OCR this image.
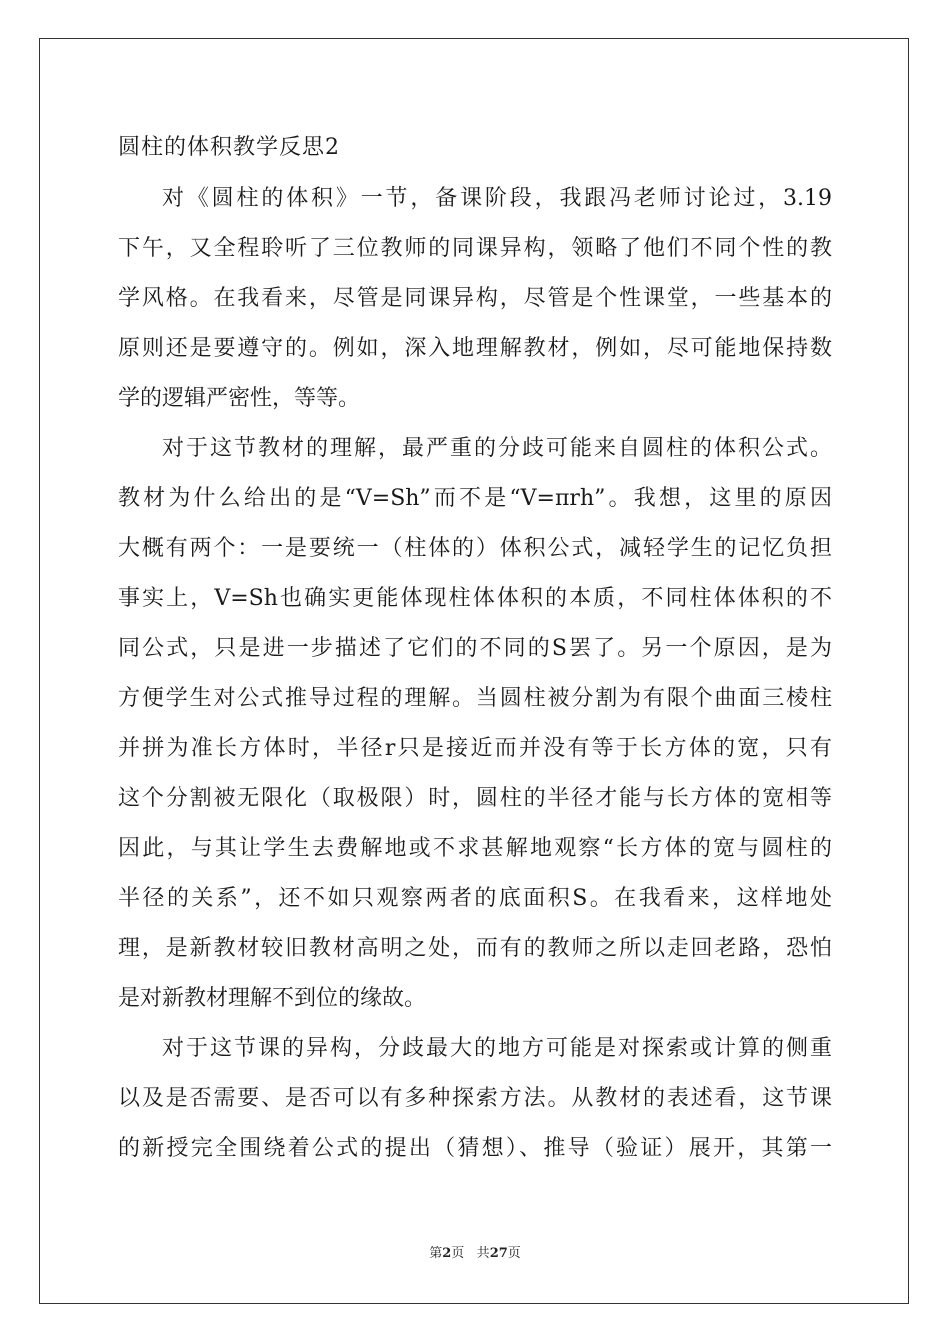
圆柱的体积教学反思2
对《圆柱的体积》一节，备课阶段，我跟冯老师讨论过，3.19
下午，又全程聆听了三位教师的同课异构，领略了他们不同个性的教
学风格。在我看来，尽管是同课异构，尽管是个性课堂，一些基本的
原则还是要遵守的。例如，深入地理解教材，例如，尽可能地保持数
学的逻辑严密性，等等。
对于这节教材的理解，最严重的分歧可能来自圆柱的体积公式。
教材为什么给出的是“V=Sh”而不是“V=πrh”。我想，这里的原因
大概有两个：一是要统一（柱体的）体积公式，减轻学生的记忆负担
事实上，V=Sh也确实更能体现柱体体积的本质，不同柱体体积的不
同公式，只是进一步描述了它们的不同的S罢了。另一个原因，是为
方便学生对公式推导过程的理解。当圆柱被分割为有限个曲面三棱柱
并拼为准长方体时，半径r只是接近而并没有等于长方体的宽，只有
这个分割被无限化（取极限）时，圆柱的半径才能与长方体的宽相等
因此，与其让学生去费解地或不求甚解地观察“长方体的宽与圆柱的
半径的关系”，还不如只观察两者的底面积S。在我看来，这样地处
理，是新教材较旧教材高明之处，而有的教师之所以走回老路，恐怕
是对新教材理解不到位的缘故。
对于这节课的异构，分歧最大的地方可能是对探索或计算的侧重
以及是否需要、是否可以有多种探索方法。从教材的表述看，这节课
的新授完全围绕着公式的提出（猜想）、推导（验证）展开，其第一
第2页 共27页
